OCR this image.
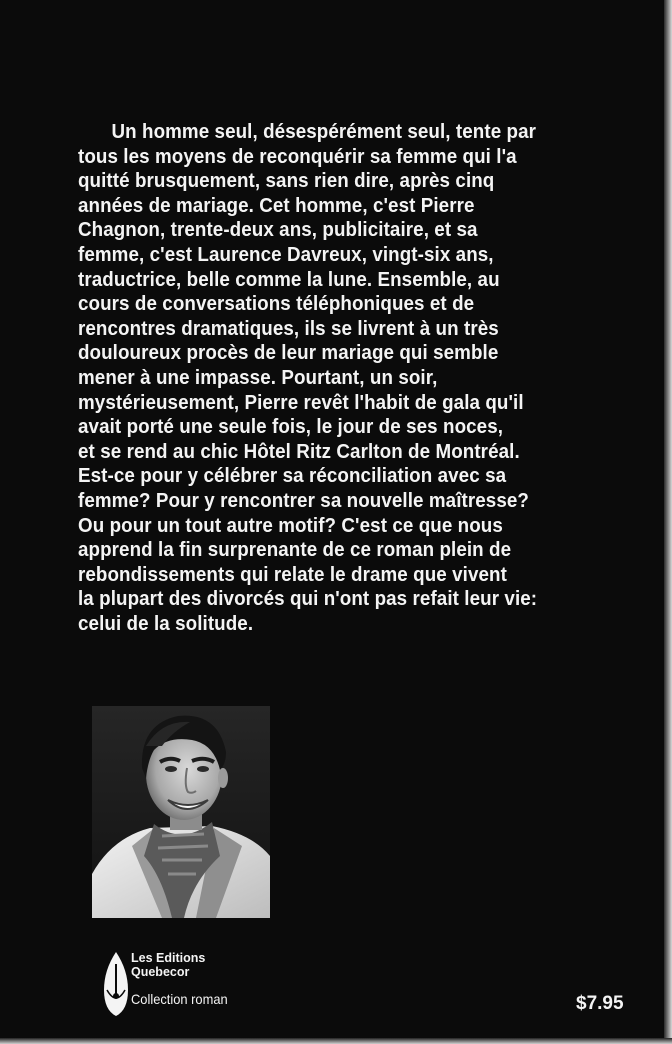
Un homme seul, désespérément seul, tente par
tous les moyens de reconquérir sa femme qui l'a
quitté brusquement, sans rien dire, après cinq
années de mariage. Cet homme, c'est Pierre
Chagnon, trente-deux ans, publicitaire, et sa
femme, c'est Laurence Davreux, vingt-six ans,
traductrice, belle comme la lune. Ensemble, au
cours de conversations téléphoniques et de
rencontres dramatiques, ils se livrent à un très
douloureux procès de leur mariage qui semble
mener à une impasse. Pourtant, un soir,
mystérieusement, Pierre revêt l'habit de gala qu'il
avait porté une seule fois, le jour de ses noces,
et se rend au chic Hôtel Ritz Carlton de Montréal.
Est-ce pour y célébrer sa réconciliation avec sa
femme? Pour y rencontrer sa nouvelle maîtresse?
Ou pour un tout autre motif? C'est ce que nous
apprend la fin surprenante de ce roman plein de
rebondissements qui relate le drame que vivent
la plupart des divorcés qui n'ont pas refait leur vie:
celui de la solitude.
Les Editions
Quebecor
Collection roman	$7.95
